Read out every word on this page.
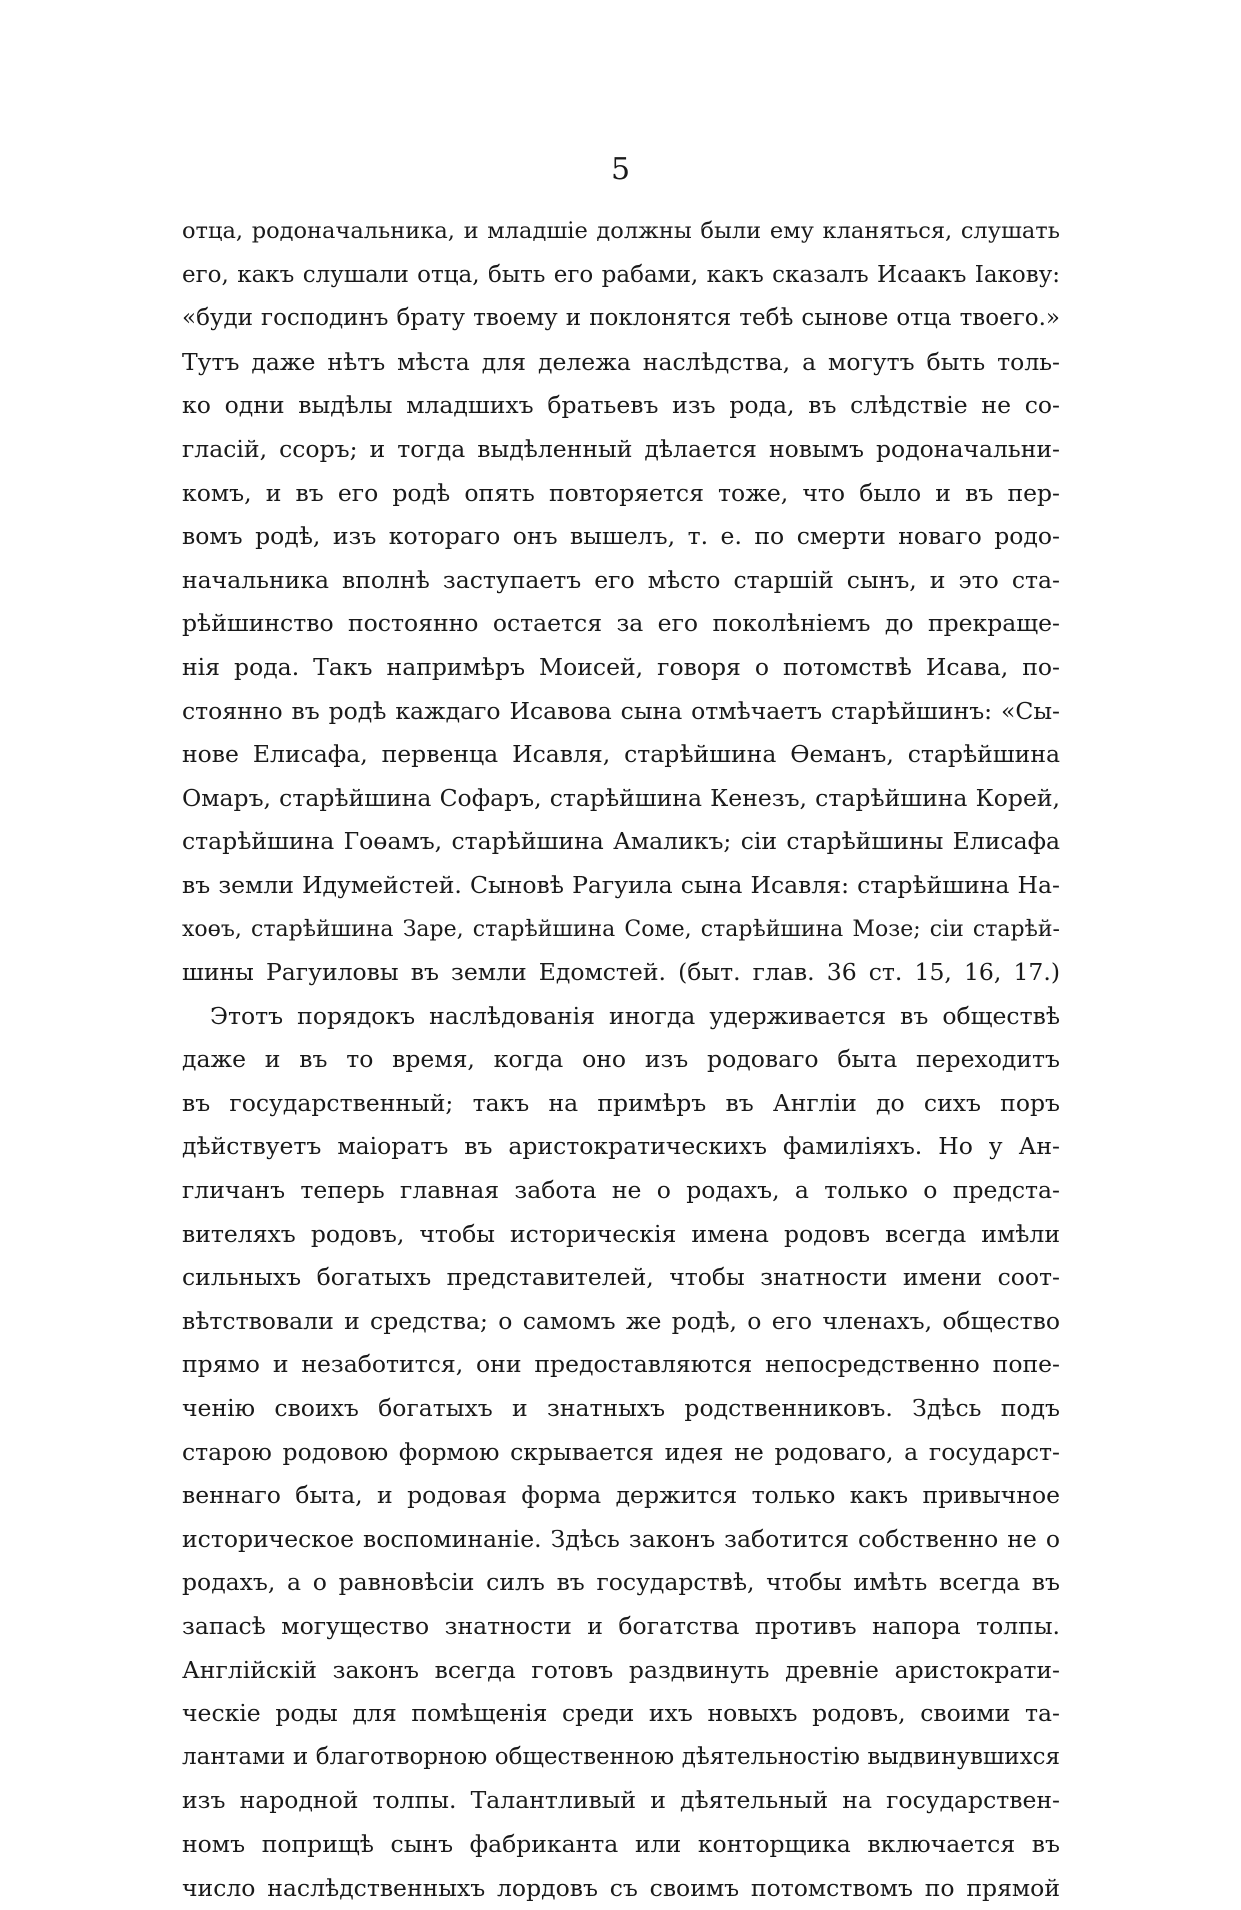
5
отца, родоначальника, и младшіе должны были ему кланяться, слушать
его, какъ слушали отца, быть его рабами, какъ сказалъ Исаакъ Іакову:
«буди господинъ брату твоему и поклонятся тебѣ сынове отца твоего.»
Тутъ даже нѣтъ мѣста для дележа наслѣдства, а могутъ быть толь-
ко одни выдѣлы младшихъ братьевъ изъ рода, въ слѣдствіе не со-
гласій, ссоръ; и тогда выдѣленный дѣлается новымъ родоначальни-
комъ, и въ его родѣ опять повторяется тоже, что было и въ пер-
вомъ родѣ, изъ котораго онъ вышелъ, т. е. по смерти новаго родо-
начальника вполнѣ заступаетъ его мѣсто старшій сынъ, и это ста-
рѣйшинство постоянно остается за его поколѣніемъ до прекраще-
нія рода. Такъ напримѣръ Моисей, говоря о потомствѣ Исава, по-
стоянно въ родѣ каждаго Исавова сына отмѣчаетъ старѣйшинъ: «Сы-
нове Елисафа, первенца Исавля, старѣйшина Өеманъ, старѣйшина
Омаръ, старѣйшина Софаръ, старѣйшина Кенезъ, старѣйшина Корей,
старѣйшина Гоөамъ, старѣйшина Амаликъ; сіи старѣйшины Елисафа
въ земли Идумейстей. Сыновѣ Рагуила сына Исавля: старѣйшина На-
хоөъ, старѣйшина Заре, старѣйшина Соме, старѣйшина Мозе; сіи старѣй-
шины Рагуиловы въ земли Едомстей. (быт. глав. 36 ст. 15, 16, 17.)
Этотъ порядокъ наслѣдованія иногда удерживается въ обществѣ
даже и въ то время, когда оно изъ родоваго быта переходитъ
въ государственный; такъ на примѣръ въ Англіи до сихъ поръ
дѣйствуетъ маіоратъ въ аристократическихъ фамиліяхъ. Но у Ан-
гличанъ теперь главная забота не о родахъ, а только о предста-
вителяхъ родовъ, чтобы историческія имена родовъ всегда имѣли
сильныхъ богатыхъ представителей, чтобы знатности имени соот-
вѣтствовали и средства; о самомъ же родѣ, о его членахъ, общество
прямо и незаботится, они предоставляются непосредственно попе-
ченію своихъ богатыхъ и знатныхъ родственниковъ. Здѣсь подъ
старою родовою формою скрывается идея не родоваго, а государст-
веннаго быта, и родовая форма держится только какъ привычное
историческое воспоминаніе. Здѣсь законъ заботится собственно не о
родахъ, а о равновѣсіи силъ въ государствѣ, чтобы имѣть всегда въ
запасѣ могущество знатности и богатства противъ напора толпы.
Англійскій законъ всегда готовъ раздвинуть древніе аристократи-
ческіе роды для помѣщенія среди ихъ новыхъ родовъ, своими та-
лантами и благотворною общественною дѣятельностію выдвинувшихся
изъ народной толпы. Талантливый и дѣятельный на государствен-
номъ поприщѣ сынъ фабриканта или конторщика включается въ
число наслѣдственныхъ лордовъ съ своимъ потомствомъ по прямой
